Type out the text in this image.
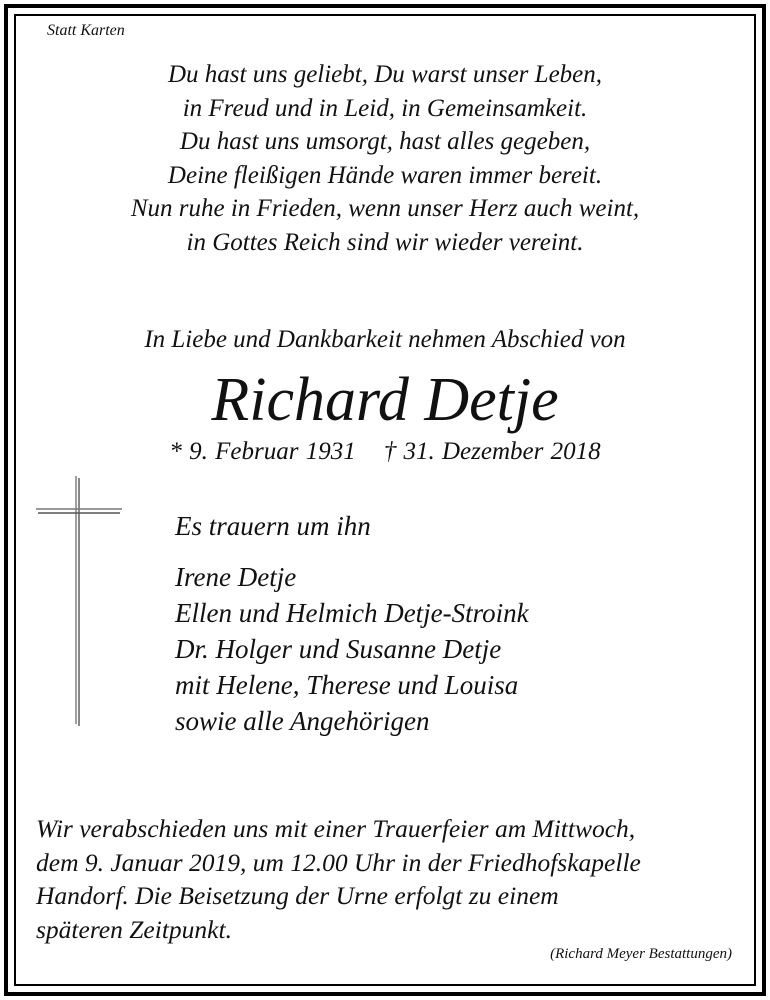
Statt Karten
Du hast uns geliebt, Du warst unser Leben,
in Freud und in Leid, in Gemeinsamkeit.
Du hast uns umsorgt, hast alles gegeben,
Deine fleißigen Hände waren immer bereit.
Nun ruhe in Frieden, wenn unser Herz auch weint,
in Gottes Reich sind wir wieder vereint.
In Liebe und Dankbarkeit nehmen Abschied von
Richard Detje
* 9. Februar 1931 † 31. Dezember 2018
Es trauern um ihn
Irene Detje
Ellen und Helmich Detje-Stroink
Dr. Holger und Susanne Detje
mit Helene, Therese und Louisa
sowie alle Angehörigen
Wir verabschieden uns mit einer Trauerfeier am Mittwoch,
dem 9. Januar 2019, um 12.00 Uhr in der Friedhofskapelle
Handorf. Die Beisetzung der Urne erfolgt zu einem
späteren Zeitpunkt.
(Richard Meyer Bestattungen)
